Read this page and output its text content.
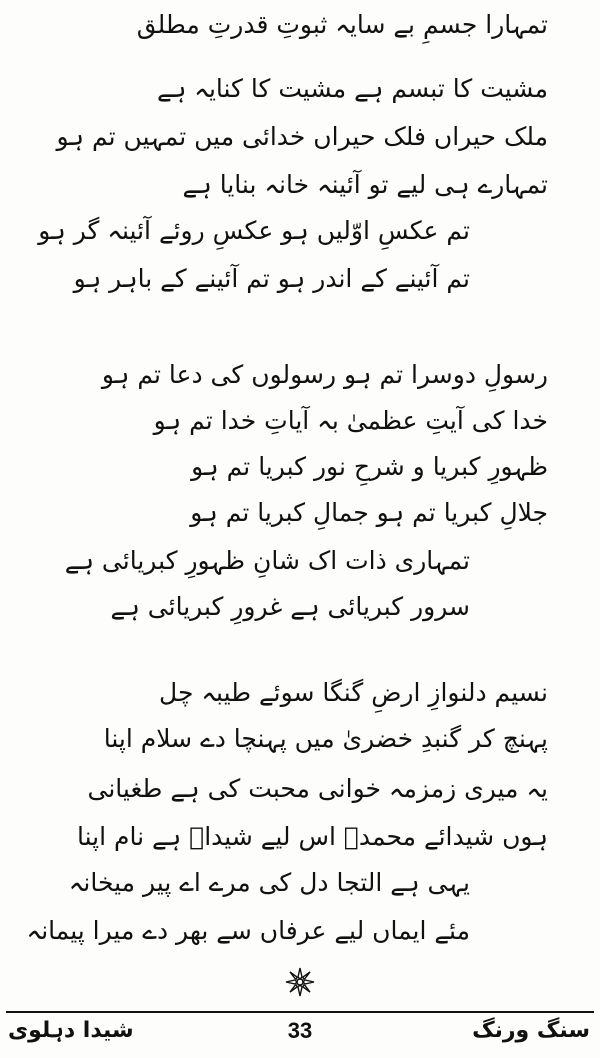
تمہارا جسمِ بے سایہ ثبوتِ قدرتِ مطلق
مشیت کا تبسم ہے مشیت کا کنایہ ہے
ملک حیراں فلک حیراں خدائی میں تمہیں تم ہو
تمہارے ہی لیے تو آئینہ خانہ بنایا ہے
تم عکسِ اوّلیں ہو عکسِ روئے آئینہ گر ہو
تم آئینے کے اندر ہو تم آئینے کے باہر ہو
رسولِ دوسرا تم ہو رسولوں کی دعا تم ہو
خدا کی آیتِ عظمیٰ بہ آیاتِ خدا تم ہو
ظہورِ کبریا و شرحِ نور کبریا تم ہو
جلالِ کبریا تم ہو جمالِ کبریا تم ہو
تمہاری ذات اک شانِ ظہورِ کبریائی ہے
سرور کبریائی ہے غرورِ کبریائی ہے
نسیم دلنوازِ ارضِ گنگا سوئے طیبہ چل
پہنچ کر گنبدِ خضریٰ میں پہنچا دے سلام اپنا
یہ میری زمزمہ خوانی محبت کی ہے طغیانی
ہوں شیدائے محمدؐ اس لیے شیداؔ ہے نام اپنا
یہی ہے التجا دل کی مرے اے پیر میخانہ
مئے ایماں لیے عرفاں سے بھر دے میرا پیمانہ
شیدا دہلوی	33	سنگ ورنگ
